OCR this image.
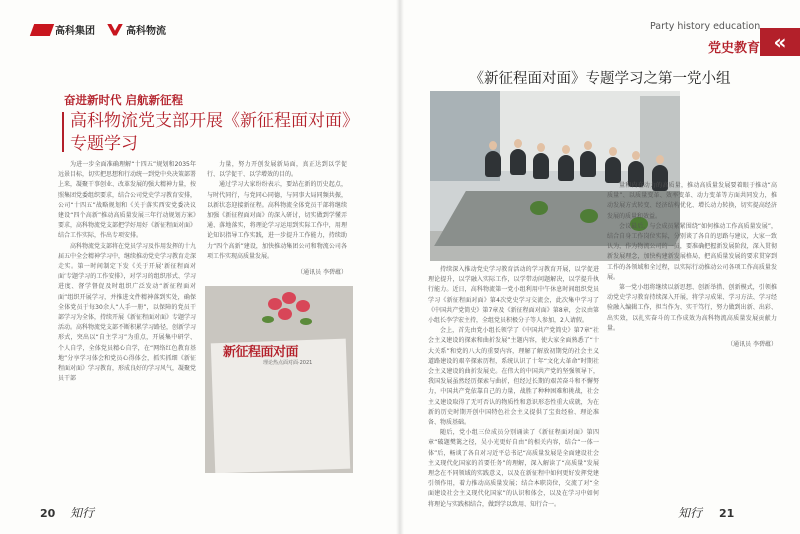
高科集团	高科物流
奋进新时代 启航新征程
高科物流党支部开展《新征程面对面》
专题学习

为进一步全面准确理解“十四五”规划和2035年远景目标，切实把思想和行动统一到党中央决策部署上来，凝聚干事创业、改革发展的强大精神力量，按照集团党委组织要求，结合公司党史学习教育安排，公司“十四五”战略规划和《关于落实西安党委决议建设“四个高新”推动高质量发展三年行动规划方案》要求，高科物流党支部把学好用好《新征程面对面》结合工作实际，作出专项安排。

高科物流党支部将在党员学习及作用发挥的十九届五中全会精神学习中，继续推动党史学习教育走深走实。第一时间制定下发《关于开展‘新征程面对面’专题学习的工作安排》，对学习的组织形式、学习进度、督学督促及时组织广泛发动“新征程面对面”组织开展学习，并推进文件精神落到实处，确保全体党员于每30余人“人手一册”，以保障的党员干部学习为全体，持续开展《新征程面对面》专题学习活动。高科物流党支部不断积累学习路径，创新学习形式，突出以“自主学习”为重点，开展集中研学、个人自学，全体党员精心自学，在“网络红色教育基地”分享学习体会和党员心得体会，抓实抓细《新征程面对面》学习教育，形成良好的学习风气，凝聚党员干部

力量，努力开创发展新局面，真正达到以学促行、以学促干、以学增效的目的。

通过学习大家纷纷表示，要站在新的历史起点，与时代同行，与党同心同德，与同事大局同频共振，以新状态迎接新征程。高科物流全体党员干部将继续加强《新征程面对面》的深入研讨，切实做到学懂弄通、落地落实，将理论学习运用到实际工作中，用理论知识指导工作实践，进一步提升工作能力，持续助力“四个高新”建设，加快推动集团公司和物流公司各项工作实现高质量发展。

（通讯员 李碧蕴）

新征程面对面
理论热点面对面·2021
20 知行
Party history education
党史教育 «
《新征程面对面》专题学习之第一党小组

持续深入推动党史学习教育活动的学习教育开展，以学促进理论提升，以学融入实际工作，以学带动问题解决，以学提升执行能力。近日，高科物流第一党小组利用中午休息时间组织党员学习《新征程面对面》第4次党史学习交流会，此次集中学习了《中国共产党简史》第7章及《新征程面对面》第8章，会议由第小组长李学宏主持，全组党员积极分子等人参加，2人请假。

会上，首先由党小组长领学了《中国共产党简史》第7章“社会主义建设的探索和曲折发展”主题内容，使大家全面熟悉了“十大关系”和党的八大的重要内容，理解了解放初期党的社会主义道路建设的艰辛探索历程，系统认识了十年“文化大革命”时期社会主义建设的曲折发展史。在伟大的中国共产党的坚强领导下，我国发展虽然经历探索与曲折，但经过长期的艰苦奋斗和不懈努力，中国共产党依靠自己的力量，战胜了种种困难和挑战，社会主义建设取得了无可否认的物质性和意识形态性重大成就，为在新的历史时期开创中国特色社会主义提供了宝贵经验、理论准备、物质基础。

随后，党小组三位成员分别诵读了《新征程面对面》第四章“破题樊篱之径，吴小光更好自由”的相关内容，结合“一体一体”后，畅谈了各自对习近平总书记“高质量发展是全面建设社会主义现代化国家的首要任务”的理解，深入解读了“高质量”发展理念在不同领域的实践意义，以及在新征程中如何更好发挥党建引领作用，着力推动高质量发展；结合本职岗位，交流了对“全面建设社会主义现代化国家”的认识和体会，以及在学习中如何将理论与实践相结合，做到学以致用、知行合一。

量和内在动力的高质量，推动高质量发展要着眼于推动“高质量”、以质量变革、效率变革、动力变革等方面共同发力，推动发展方式转变、经济结构优化、增长动力转换，切实提高经济发展的质量和效益。

会议最后，与会成员紧紧围绕“如何推动工作高质量发展”，结合自身工作岗位实际，分别谈了各自的思路与建议，大家一致认为，作为物流公司的一员，要准确把握新发展阶段，深入贯彻新发展理念，加快构建新发展格局，把高质量发展的要求贯穿到工作的各领域和全过程，以实际行动推动公司各项工作高质量发展。

第一党小组将继续以新思想、创新举措、创新模式，引领推动党史学习教育持续深入开展，将学习成果、学习方法、学习经验融入编辑工作，担当作为、实干笃行，努力做到出新、出彩、出实效，以扎实奋斗的工作成效为高科物流高质量发展贡献力量。

（通讯员 李碧蕴）

知行 21
